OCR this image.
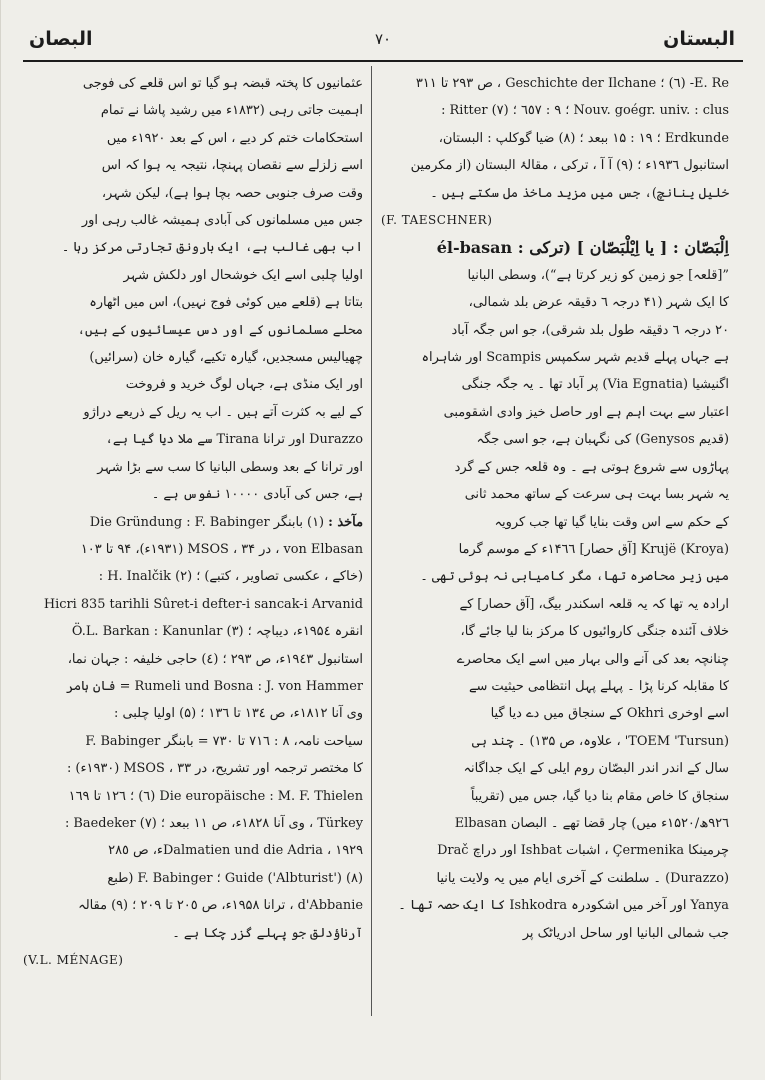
البستان
۷۰
البصان
E. Re- (٦) ؛ Geschichte der Ilchane ، ص ۲۹۳ تا ۳۱۱
Nouv. goégr. univ. : clus ؛ ۹ : ٦٥٧ ؛ (۷) Ritter :
Erdkunde ؛ ۱۹ : ۱۵ ببعد ؛ (۸) ضیا گوکلپ : البستان،
استانبول ۱۹۳٦ء ؛ (۹) آ آ ، ترکی ، مقالۂ البستان (از مکرمین
خلیل ینانچ)، جس میں مزید ماخذ مل سکتے ہیں ۔
(F. TAESCHNER)
اِلْبَصّان : [ یا اِیْلْبَصّان ] (ترکی : él-basan
”[قلعہ] جو زمین کو زیر کرتا ہے“)، وسطی البانیا
کا ایک شہر (۴۱ درجہ ٦ دقیقہ عرض بلد شمالی،
۲۰ درجہ ٦ دقیقہ طول بلد شرقی)، جو اس جگہ آباد
ہے جہاں پہلے قدیم شہر سکمپس Scampis اور شاہراہ
اگنیشیا (Via Egnatia) پر آباد تھا ۔ یہ جگہ جنگی
اعتبار سے بہت اہم ہے اور حاصل خیز وادی اشقومبی
(قدیم Genysos) کی نگہبان ہے، جو اسی جگہ
پہاڑوں سے شروع ہوتی ہے ۔ وہ قلعہ جس کے گرد
یہ شہر بسا بہت ہی سرعت کے ساتھ محمد ثانی
کے حکم سے اس وقت بنایا گیا تھا جب کرویہ
Krujë (Kroya) [آق حصار] ۱۴٦٦ء کے موسم گرما
میں زیر محاصرہ تھا، مگر کامیابی نہ ہوئی تھی ۔
ارادہ یہ تھا کہ یہ قلعہ اسکندر بیگ، [آق حصار] کے
خلاف آئندہ جنگی کاروائیوں کا مرکز بنا لیا جائے گا،
چنانچہ بعد کی آنے والی بہار میں اسے ایک محاصرے
کا مقابلہ کرنا پڑا ۔ پہلے پہل انتظامی حیثیت سے
اسے اوخری Okhri کے سنجاق میں دے دیا گیا
(TOEM 'Tursun' ، علاوہ، ص ۱۳۵) ۔ چند ہی
سال کے اندر اندر البصّان روم ایلی کے ایک جداگانہ
سنجاق کا خاص مقام بنا دیا گیا، جس میں (تقریباً
۹۲٦ھ/۱۵۲۰ء میں) چار قضا تھے ۔ البصان Elbasan
چرمینکا Çermenika ، اشبات Ishbat اور دراچ Drač
(Durazzo) ۔ سلطنت کے آخری ایام میں یہ ولایت یانیا
Yanya اور آخر میں اشکودرہ Ishkodra کا ایک حصہ تھا ۔
جب شمالی البانیا اور ساحل ادریاٹک پر
عثمانیوں کا پختہ قبضہ ہو گیا تو اس قلعے کی فوجی
اہمیت جاتی رہی (۱۸۳۲ء میں رشید پاشا نے تمام
استحکامات ختم کر دیے ، اس کے بعد ۱۹۲۰ء میں
اسے زلزلے سے نقصان پہنچا، نتیجہ یہ ہوا کہ اس
وقت صرف جنوبی حصہ بچا ہوا ہے)، لیکن شہر،
جس میں مسلمانوں کی آبادی ہمیشہ غالب رہی اور
اب بھی غالب ہے، ایک بارونق تجارتی مرکز رہا ۔
اولیا چلبی اسے ایک خوشحال اور دلکش شہر
بتاتا ہے (قلعے میں کوئی فوج نہیں)، اس میں اٹھارہ
محلے مسلمانوں کے اور دس عیسائیوں کے ہیں،
چھیالیس مسجدیں، گیارہ تکیے، گیارہ خان (سرائیں)
اور ایک منڈی ہے، جہاں لوگ خرید و فروخت
کے لیے بہ کثرت آتے ہیں ۔ اب یہ ریل کے ذریعے دراژو
Durazzo اور ترانا Tirana سے ملا دیا گیا ہے،
اور ترانا کے بعد وسطی البانیا کا سب سے بڑا شہر
ہے، جس کی آبادی ۱۰۰۰۰ نفوس ہے ۔
مآخذ : (۱) بابنگر Die Gründung : F. Babinger
von Elbasan ، در MSOS ، ۳۴ (۱۹۳۱ء)، ۹۴ تا ۱۰۳
(خاکے ، عکسی تصاویر ، کتبے) ؛ (۲) H. Inalčik :
Hicri 835 tarihli Sûret-i defter-i sancak-i Arvanid
انقرہ ۱۹۵٤ء، دیباچہ ؛ (۳) Ö.L. Barkan : Kanunlar
استانبول ۱۹٤۳ء، ص ۲۹۳ ؛ (٤) حاجی خلیفہ : جہان نما،
Rumeli und Bosna : J. von Hammer = فان ہامر
وی آنا ۱۸۱۲ء، ص ۱۳٤ تا ۱۳٦ ؛ (۵) اولیا چلبی :
سیاحت نامہ، ۸ : ۷۱٦ تا ۷۳۰ = بابنگر F. Babinger
کا مختصر ترجمہ اور تشریح، در MSOS ، ۳۳ (۱۹۳۰ء) :
Die europäische : M. F. Thielen (٦) ؛ ۱۲٦ تا ۱٦۹
Türkey ، وی آنا ۱۸۲۸ء، ص ۱۱ ببعد ؛ (۷) Baedeker :
Dalmatien und die Adria ، ۱۹۲۹ء، ص ۲۸٥
Guide ('Albturist') (۸) ؛ F. Babinger (طبع
d'Abbanie ، ترانا ۱۹۵۸ء، ص ۲۰٥ تا ۲۰۹ ؛ (۹) مقالہ
آرناؤدلق جو پہلے گزر چکا ہے ۔
(V.L. MÉNAGE)
